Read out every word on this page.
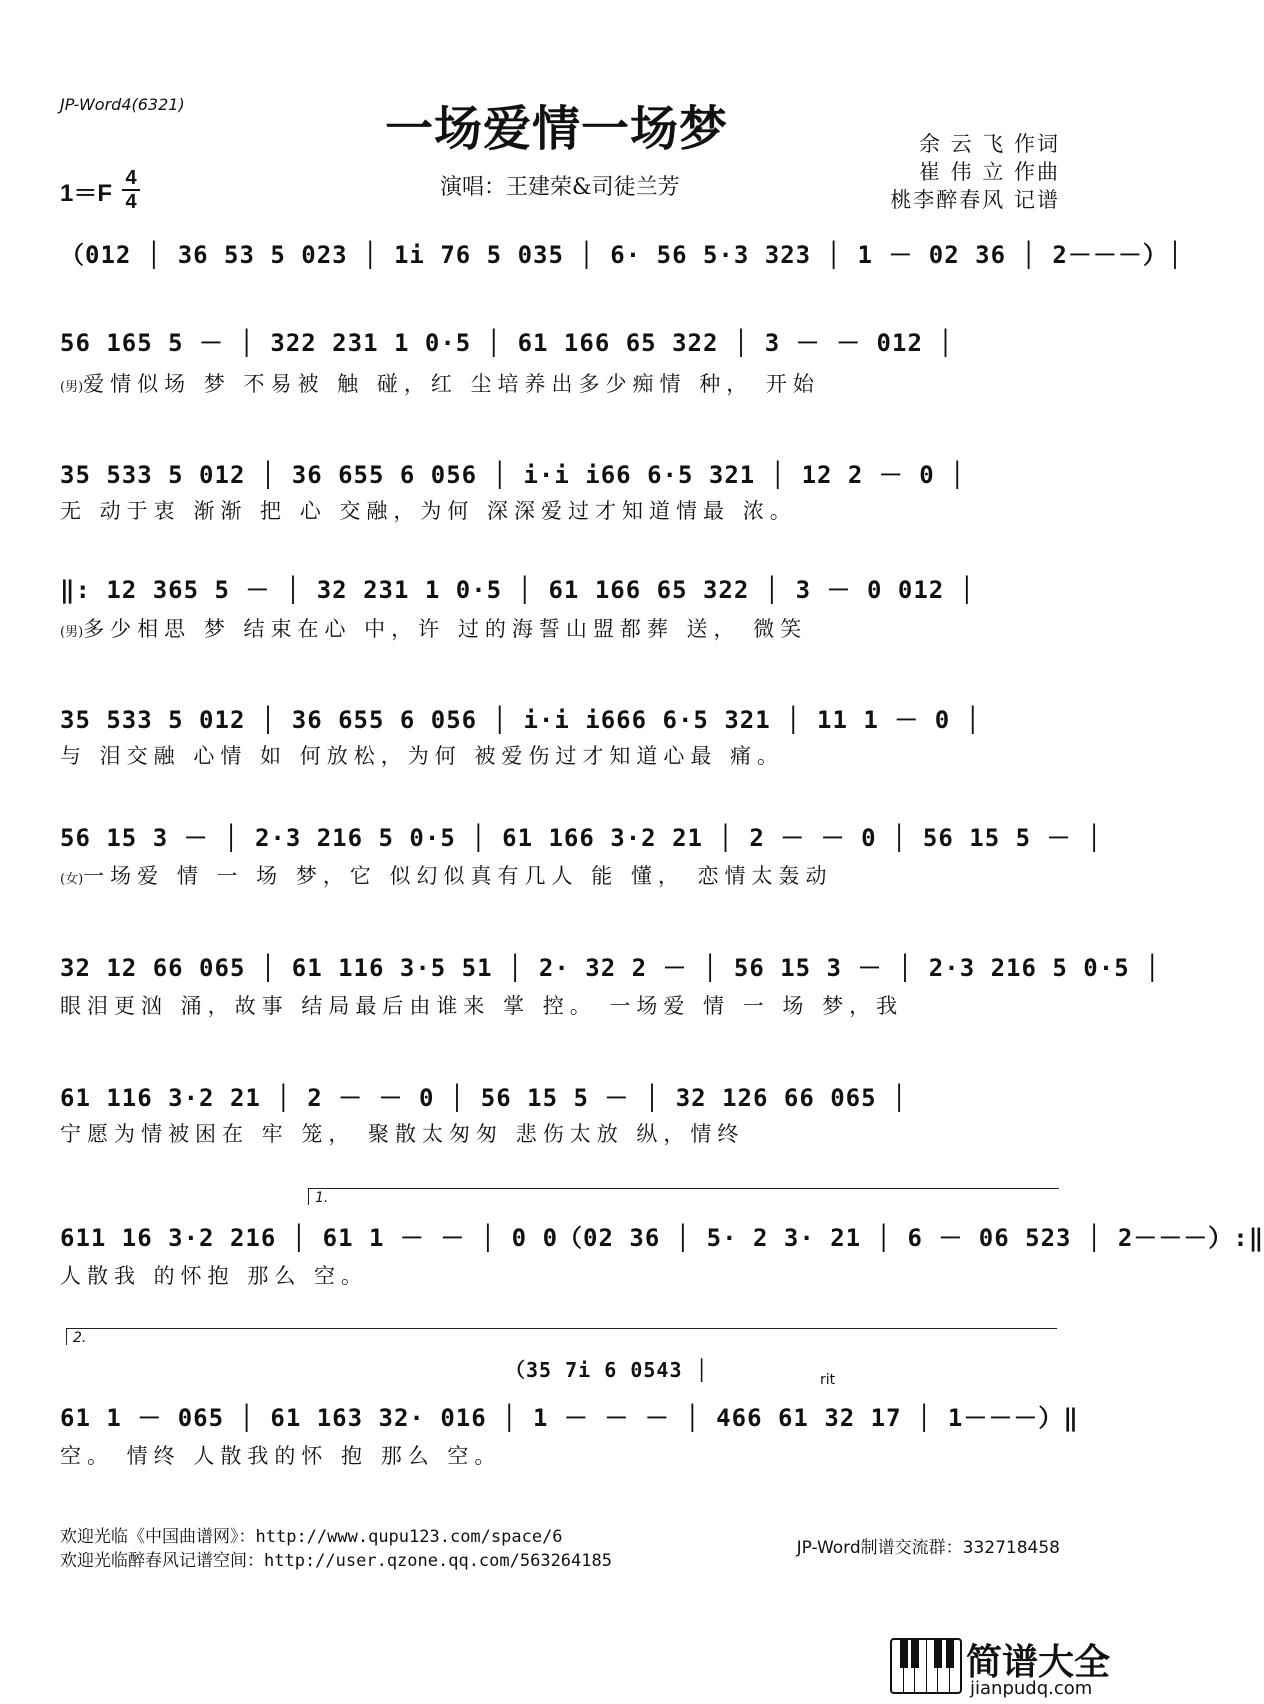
JP-Word4(6321)	一场爱情一场梦
1＝F
4
4
演唱：王建荣&司徒兰芳
余 云 飞 作词
崔 伟 立 作曲
桃李醉春风 记谱
（012 │ 36 53 5 023 │ 1i 76 5 035 │ 6· 56 5·3 323 │ 1 － 02 36 │ 2－－－）│
56 165 5 － │ 322 231 1 0·5 │ 61 166 65 322 │ 3 － － 012 │
(男)爱情似场 梦 不易被 触 碰，红 尘培养出多少痴情 种， 开始
35 533 5 012 │ 36 655 6 056 │ i·i i66 6·5 321 │ 12 2 － 0 │
无 动于衷 渐渐 把 心 交融，为何 深深爱过才知道情最 浓。
‖: 12 365 5 － │ 32 231 1 0·5 │ 61 166 65 322 │ 3 － 0 012 │
(男)多少相思 梦 结束在心 中，许 过的海誓山盟都葬 送， 微笑
35 533 5 012 │ 36 655 6 056 │ i·i i666 6·5 321 │ 11 1 － 0 │
与 泪交融 心情 如 何放松，为何 被爱伤过才知道心最 痛。
56 15 3 － │ 2·3 216 5 0·5 │ 61 166 3·2 21 │ 2 － － 0 │ 56 15 5 － │
(女)一场爱 情 一 场 梦，它 似幻似真有几人 能 懂， 恋情太轰动
32 12 66 065 │ 61 116 3·5 51 │ 2· 32 2 － │ 56 15 3 － │ 2·3 216 5 0·5 │
眼泪更汹 涌，故事 结局最后由谁来 掌 控。 一场爱 情 一 场 梦，我
61 116 3·2 21 │ 2 － － 0 │ 56 15 5 － │ 32 126 66 065 │
宁愿为情被困在 牢 笼， 聚散太匆匆 悲伤太放 纵，情终
1.
611 16 3·2 216 │ 61 1 － － │ 0 0（02 36 │ 5· 2 3· 21 │ 6 － 06 523 │ 2－－－）:‖
人散我 的怀抱 那么 空。
2.
（35 7i 6 0543 │	rit
61 1 － 065 │ 61 163 32· 016 │ 1 － － － │ 466 61 32 17 │ 1－－－）‖
空。 情终 人散我的怀 抱 那么 空。
欢迎光临《中国曲谱网》：http://www.qupu123.com/space/6
欢迎光临醉春风记谱空间：http://user.qzone.qq.com/563264185
JP-Word制谱交流群：332718458
简谱大全
jianpudq.com
